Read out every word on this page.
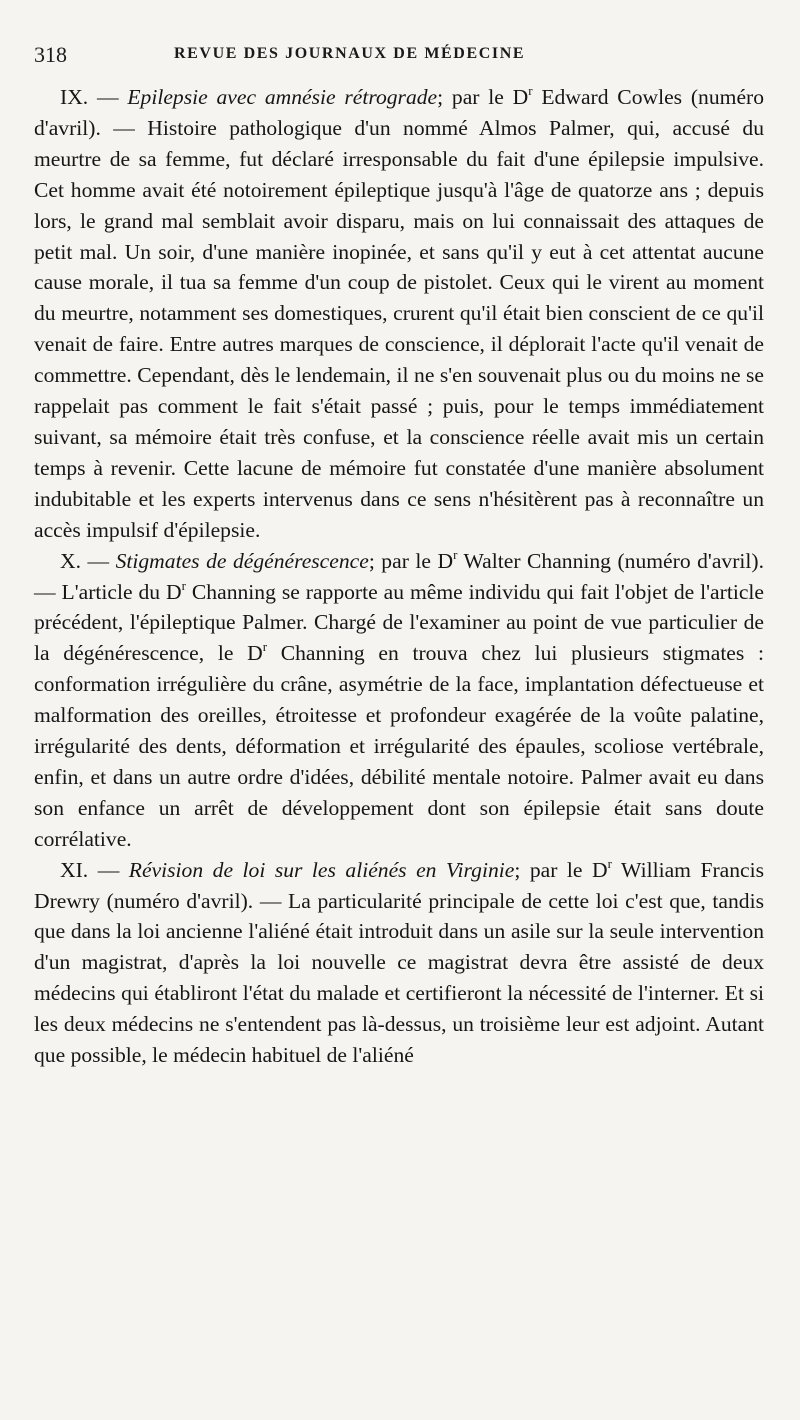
318	REVUE DES JOURNAUX DE MÉDECINE

IX. — Epilepsie avec amnésie rétrograde; par le $D^r$ Edward Cowles (numéro d'avril). — Histoire pathologique d'un nommé Almos Palmer, qui, accusé du meurtre de sa femme, fut déclaré irresponsable du fait d'une épilepsie impulsive. Cet homme avait été notoirement épileptique jusqu'à l'âge de quatorze ans ; depuis lors, le grand mal semblait avoir disparu, mais on lui connaissait des attaques de petit mal. Un soir, d'une manière inopinée, et sans qu'il y eut à cet attentat aucune cause morale, il tua sa femme d'un coup de pistolet. Ceux qui le virent au moment du meurtre, notamment ses domestiques, crurent qu'il était bien conscient de ce qu'il venait de faire. Entre autres marques de conscience, il déplorait l'acte qu'il venait de commettre. Cependant, dès le lendemain, il ne s'en souvenait plus ou du moins ne se rappelait pas comment le fait s'était passé ; puis, pour le temps immédiatement suivant, sa mémoire était très confuse, et la conscience réelle avait mis un certain temps à revenir. Cette lacune de mémoire fut constatée d'une manière absolument indubitable et les experts intervenus dans ce sens n'hésitèrent pas à reconnaître un accès impulsif d'épilepsie.

X. — Stigmates de dégénérescence; par le $D^r$ Walter Channing (numéro d'avril). — L'article du $D^r$ Channing se rapporte au même individu qui fait l'objet de l'article précédent, l'épileptique Palmer. Chargé de l'examiner au point de vue particulier de la dégénérescence, le $D^r$ Channing en trouva chez lui plusieurs stigmates : conformation irrégulière du crâne, asymétrie de la face, implantation défectueuse et malformation des oreilles, étroitesse et profondeur exagérée de la voûte palatine, irrégularité des dents, déformation et irrégularité des épaules, scoliose vertébrale, enfin, et dans un autre ordre d'idées, débilité mentale notoire. Palmer avait eu dans son enfance un arrêt de développement dont son épilepsie était sans doute corrélative.

XI. — Révision de loi sur les aliénés en Virginie; par le $D^r$ William Francis Drewry (numéro d'avril). — La particularité principale de cette loi c'est que, tandis que dans la loi ancienne l'aliéné était introduit dans un asile sur la seule intervention d'un magistrat, d'après la loi nouvelle ce magistrat devra être assisté de deux médecins qui établiront l'état du malade et certifieront la nécessité de l'interner. Et si les deux médecins ne s'entendent pas là-dessus, un troisième leur est adjoint. Autant que possible, le médecin habituel de l'aliéné
